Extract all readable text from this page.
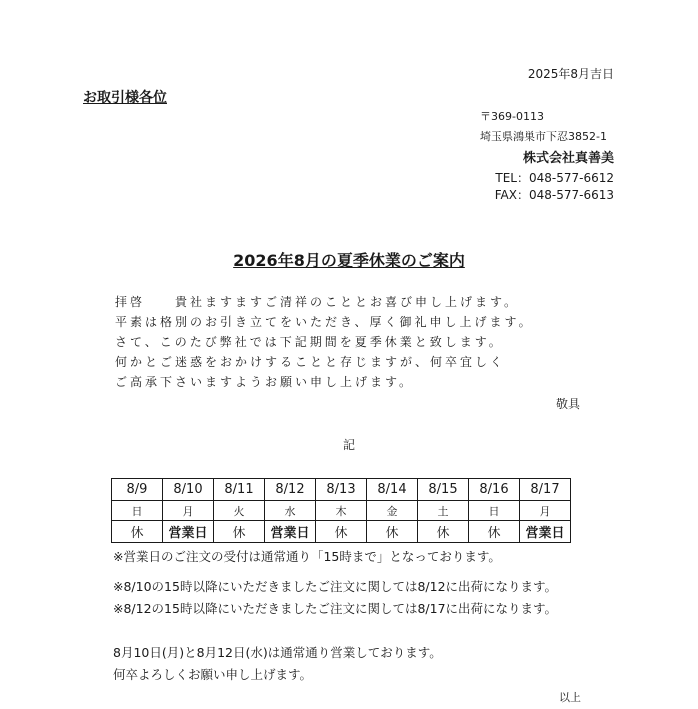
2025年8月吉日
お取引様各位
〒369-0113
埼玉県鴻巣市下忍3852-1
株式会社真善美
TEL：048-577-6612
FAX：048-577-6613
2026年8月の夏季休業のご案内
拝啓　　貴社ますますご清祥のこととお喜び申し上げます。
平素は格別のお引き立てをいただき、厚く御礼申し上げます。
さて、このたび弊社では下記期間を夏季休業と致します。
何かとご迷惑をおかけすることと存じますが、何卒宜しく
ご高承下さいますようお願い申し上げます。
敬具
記
8/9	8/10	8/11	8/12	8/13	8/14	8/15	8/16	8/17
日	月	火	水	木	金	土	日	月
休	営業日	休	営業日	休	休	休	休	営業日
※営業日のご注文の受付は通常通り「15時まで」となっております。
※8/10の15時以降にいただきましたご注文に関しては8/12に出荷になります。
※8/12の15時以降にいただきましたご注文に関しては8/17に出荷になります。
8月10日(月)と8月12日(水)は通常通り営業しております。
何卒よろしくお願い申し上げます。
以上
